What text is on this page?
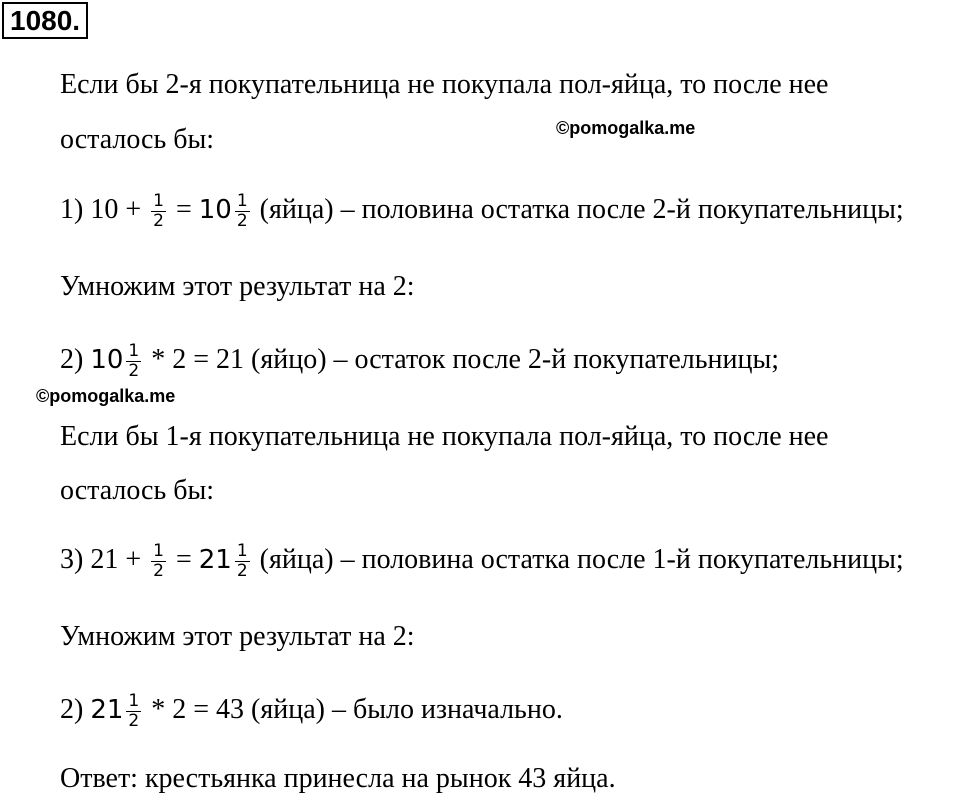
1080.
Если бы 2-я покупательница не покупала пол-яйца, то после нее
осталось бы:	©pomogalka.me
1) $10 + \frac{1}{2} = 10 \frac{1}{2}$ (яйца) – половина остатка после 2-й покупательницы;
Умножим этот результат на 2:
2) $10 \frac{1}{2} * 2 = 21$ (яйцо) – остаток после 2-й покупательницы;
©pomogalka.me
Если бы 1-я покупательница не покупала пол-яйца, то после нее
осталось бы:
3) $21 + \frac{1}{2} = 21 \frac{1}{2}$ (яйца) – половина остатка после 1-й покупательницы;
Умножим этот результат на 2:
2) $21 \frac{1}{2} * 2 = 43$ (яйца) – было изначально.
Ответ: крестьянка принесла на рынок 43 яйца.
